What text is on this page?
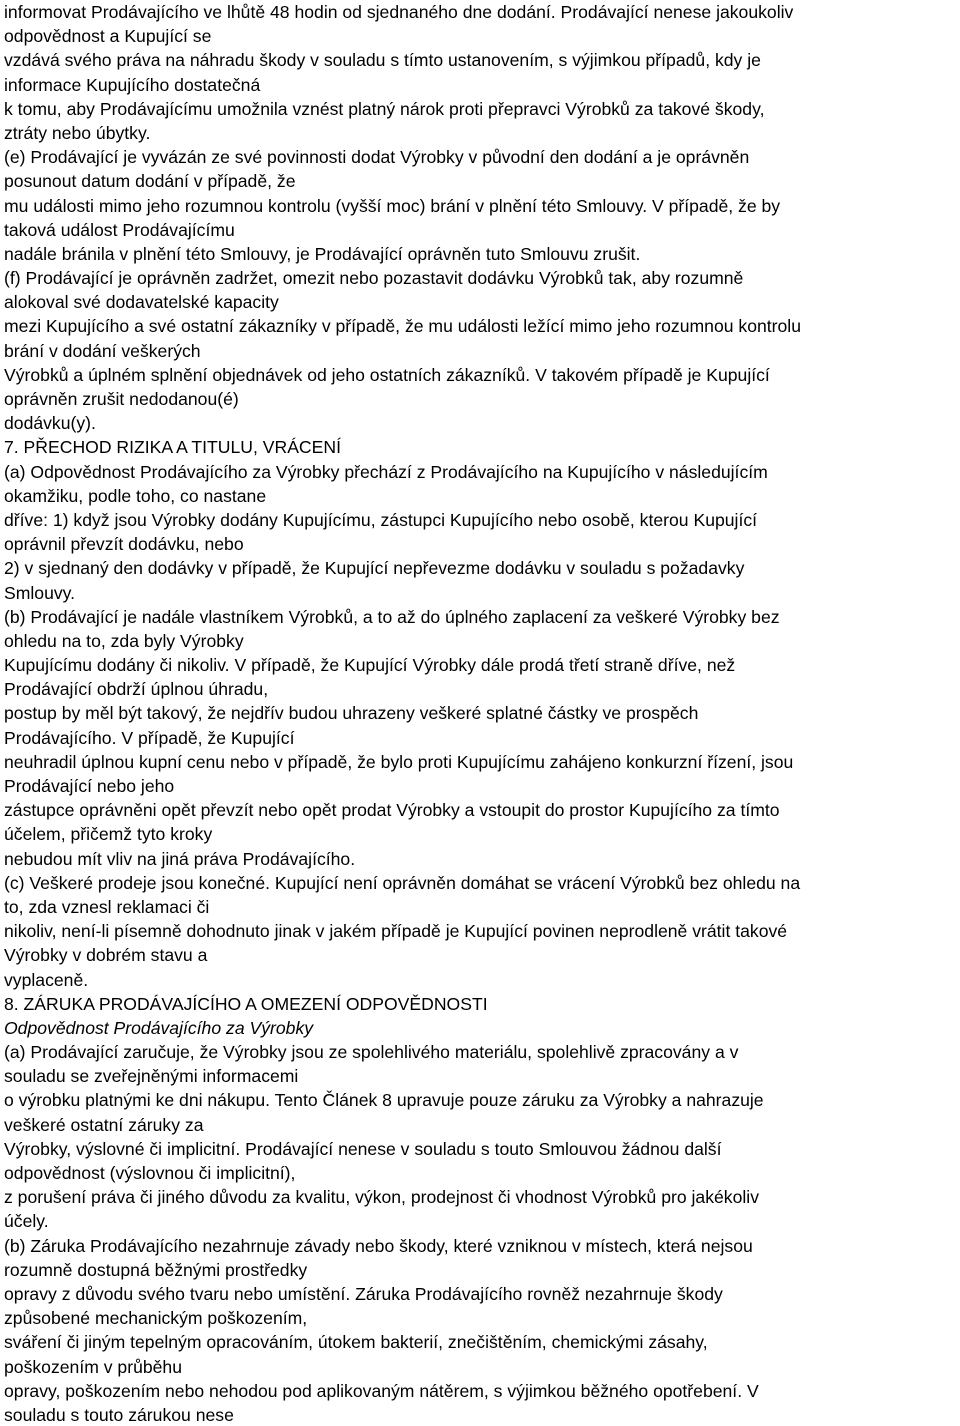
informovat Prodávajícího ve lhůtě 48 hodin od sjednaného dne dodání. Prodávající nenese jakoukoliv
odpovědnost a Kupující se
vzdává svého práva na náhradu škody v souladu s tímto ustanovením, s výjimkou případů, kdy je
informace Kupujícího dostatečná
k tomu, aby Prodávajícímu umožnila vznést platný nárok proti přepravci Výrobků za takové škody,
ztráty nebo úbytky.
(e) Prodávající je vyvázán ze své povinnosti dodat Výrobky v původní den dodání a je oprávněn
posunout datum dodání v případě, že
mu události mimo jeho rozumnou kontrolu (vyšší moc) brání v plnění této Smlouvy. V případě, že by
taková událost Prodávajícímu
nadále bránila v plnění této Smlouvy, je Prodávající oprávněn tuto Smlouvu zrušit.
(f) Prodávající je oprávněn zadržet, omezit nebo pozastavit dodávku Výrobků tak, aby rozumně
alokoval své dodavatelské kapacity
mezi Kupujícího a své ostatní zákazníky v případě, že mu události ležící mimo jeho rozumnou kontrolu
brání v dodání veškerých
Výrobků a úplném splnění objednávek od jeho ostatních zákazníků. V takovém případě je Kupující
oprávněn zrušit nedodanou(é)
dodávku(y).
7. PŘECHOD RIZIKA A TITULU, VRÁCENÍ
(a) Odpovědnost Prodávajícího za Výrobky přechází z Prodávajícího na Kupujícího v následujícím
okamžiku, podle toho, co nastane
dříve: 1) když jsou Výrobky dodány Kupujícímu, zástupci Kupujícího nebo osobě, kterou Kupující
oprávnil převzít dodávku, nebo
2) v sjednaný den dodávky v případě, že Kupující nepřevezme dodávku v souladu s požadavky
Smlouvy.
(b) Prodávající je nadále vlastníkem Výrobků, a to až do úplného zaplacení za veškeré Výrobky bez
ohledu na to, zda byly Výrobky
Kupujícímu dodány či nikoliv. V případě, že Kupující Výrobky dále prodá třetí straně dříve, než
Prodávající obdrží úplnou úhradu,
postup by měl být takový, že nejdřív budou uhrazeny veškeré splatné částky ve prospěch
Prodávajícího. V případě, že Kupující
neuhradil úplnou kupní cenu nebo v případě, že bylo proti Kupujícímu zahájeno konkurzní řízení, jsou
Prodávající nebo jeho
zástupce oprávněni opět převzít nebo opět prodat Výrobky a vstoupit do prostor Kupujícího za tímto
účelem, přičemž tyto kroky
nebudou mít vliv na jiná práva Prodávajícího.
(c) Veškeré prodeje jsou konečné. Kupující není oprávněn domáhat se vrácení Výrobků bez ohledu na
to, zda vznesl reklamaci či
nikoliv, není-li písemně dohodnuto jinak v jakém případě je Kupující povinen neprodleně vrátit takové
Výrobky v dobrém stavu a
vyplaceně.
8. ZÁRUKA PRODÁVAJÍCÍHO A OMEZENÍ ODPOVĚDNOSTI
Odpovědnost Prodávajícího za Výrobky
(a) Prodávající zaručuje, že Výrobky jsou ze spolehlivého materiálu, spolehlivě zpracovány a v
souladu se zveřejněnými informacemi
o výrobku platnými ke dni nákupu. Tento Článek 8 upravuje pouze záruku za Výrobky a nahrazuje
veškeré ostatní záruky za
Výrobky, výslovné či implicitní. Prodávající nenese v souladu s touto Smlouvou žádnou další
odpovědnost (výslovnou či implicitní),
z porušení práva či jiného důvodu za kvalitu, výkon, prodejnost či vhodnost Výrobků pro jakékoliv
účely.
(b) Záruka Prodávajícího nezahrnuje závady nebo škody, které vzniknou v místech, která nejsou
rozumně dostupná běžnými prostředky
opravy z důvodu svého tvaru nebo umístění. Záruka Prodávajícího rovněž nezahrnuje škody
způsobené mechanickým poškozením,
sváření či jiným tepelným opracováním, útokem bakterií, znečištěním, chemickými zásahy,
poškozením v průběhu
opravy, poškozením nebo nehodou pod aplikovaným nátěrem, s výjimkou běžného opotřebení. V
souladu s touto zárukou nese
